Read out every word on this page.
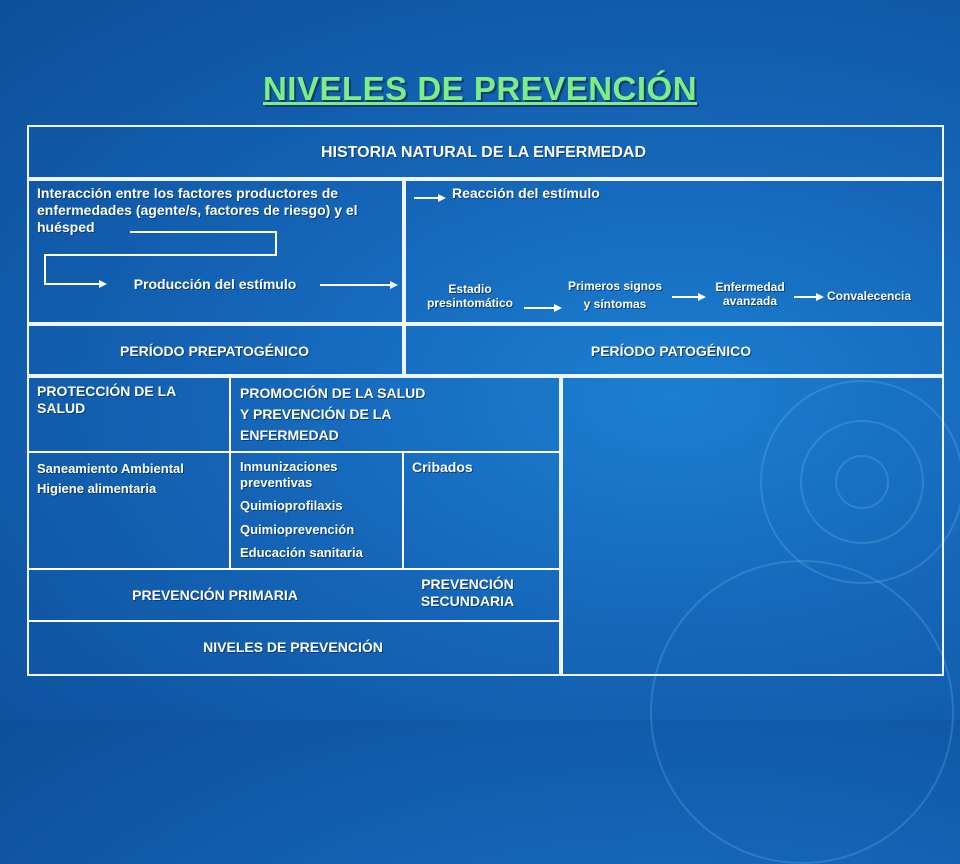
NIVELES DE PREVENCIÓN
HISTORIA NATURAL DE LA ENFERMEDAD
Interacción entre los factores productores de enfermedades (agente/s, factores de riesgo) y el huésped
Producción del estímulo
Reacción del estímulo
Estadio presintomático
Primeros signos
y síntomas
Enfermedad avanzada	Convalecencia
PERÍODO PREPATOGÉNICO	PERÍODO PATOGÉNICO
PROTECCIÓN DE LA SALUD
PROMOCIÓN DE LA SALUD
Y PREVENCIÓN DE LA
ENFERMEDAD
Saneamiento Ambiental
Higiene alimentaria
Inmunizaciones preventivas
Quimioprofilaxis
Quimioprevención
Educación sanitaria
Cribados
PREVENCIÓN PRIMARIA
PREVENCIÓN SECUNDARIA
NIVELES DE PREVENCIÓN
